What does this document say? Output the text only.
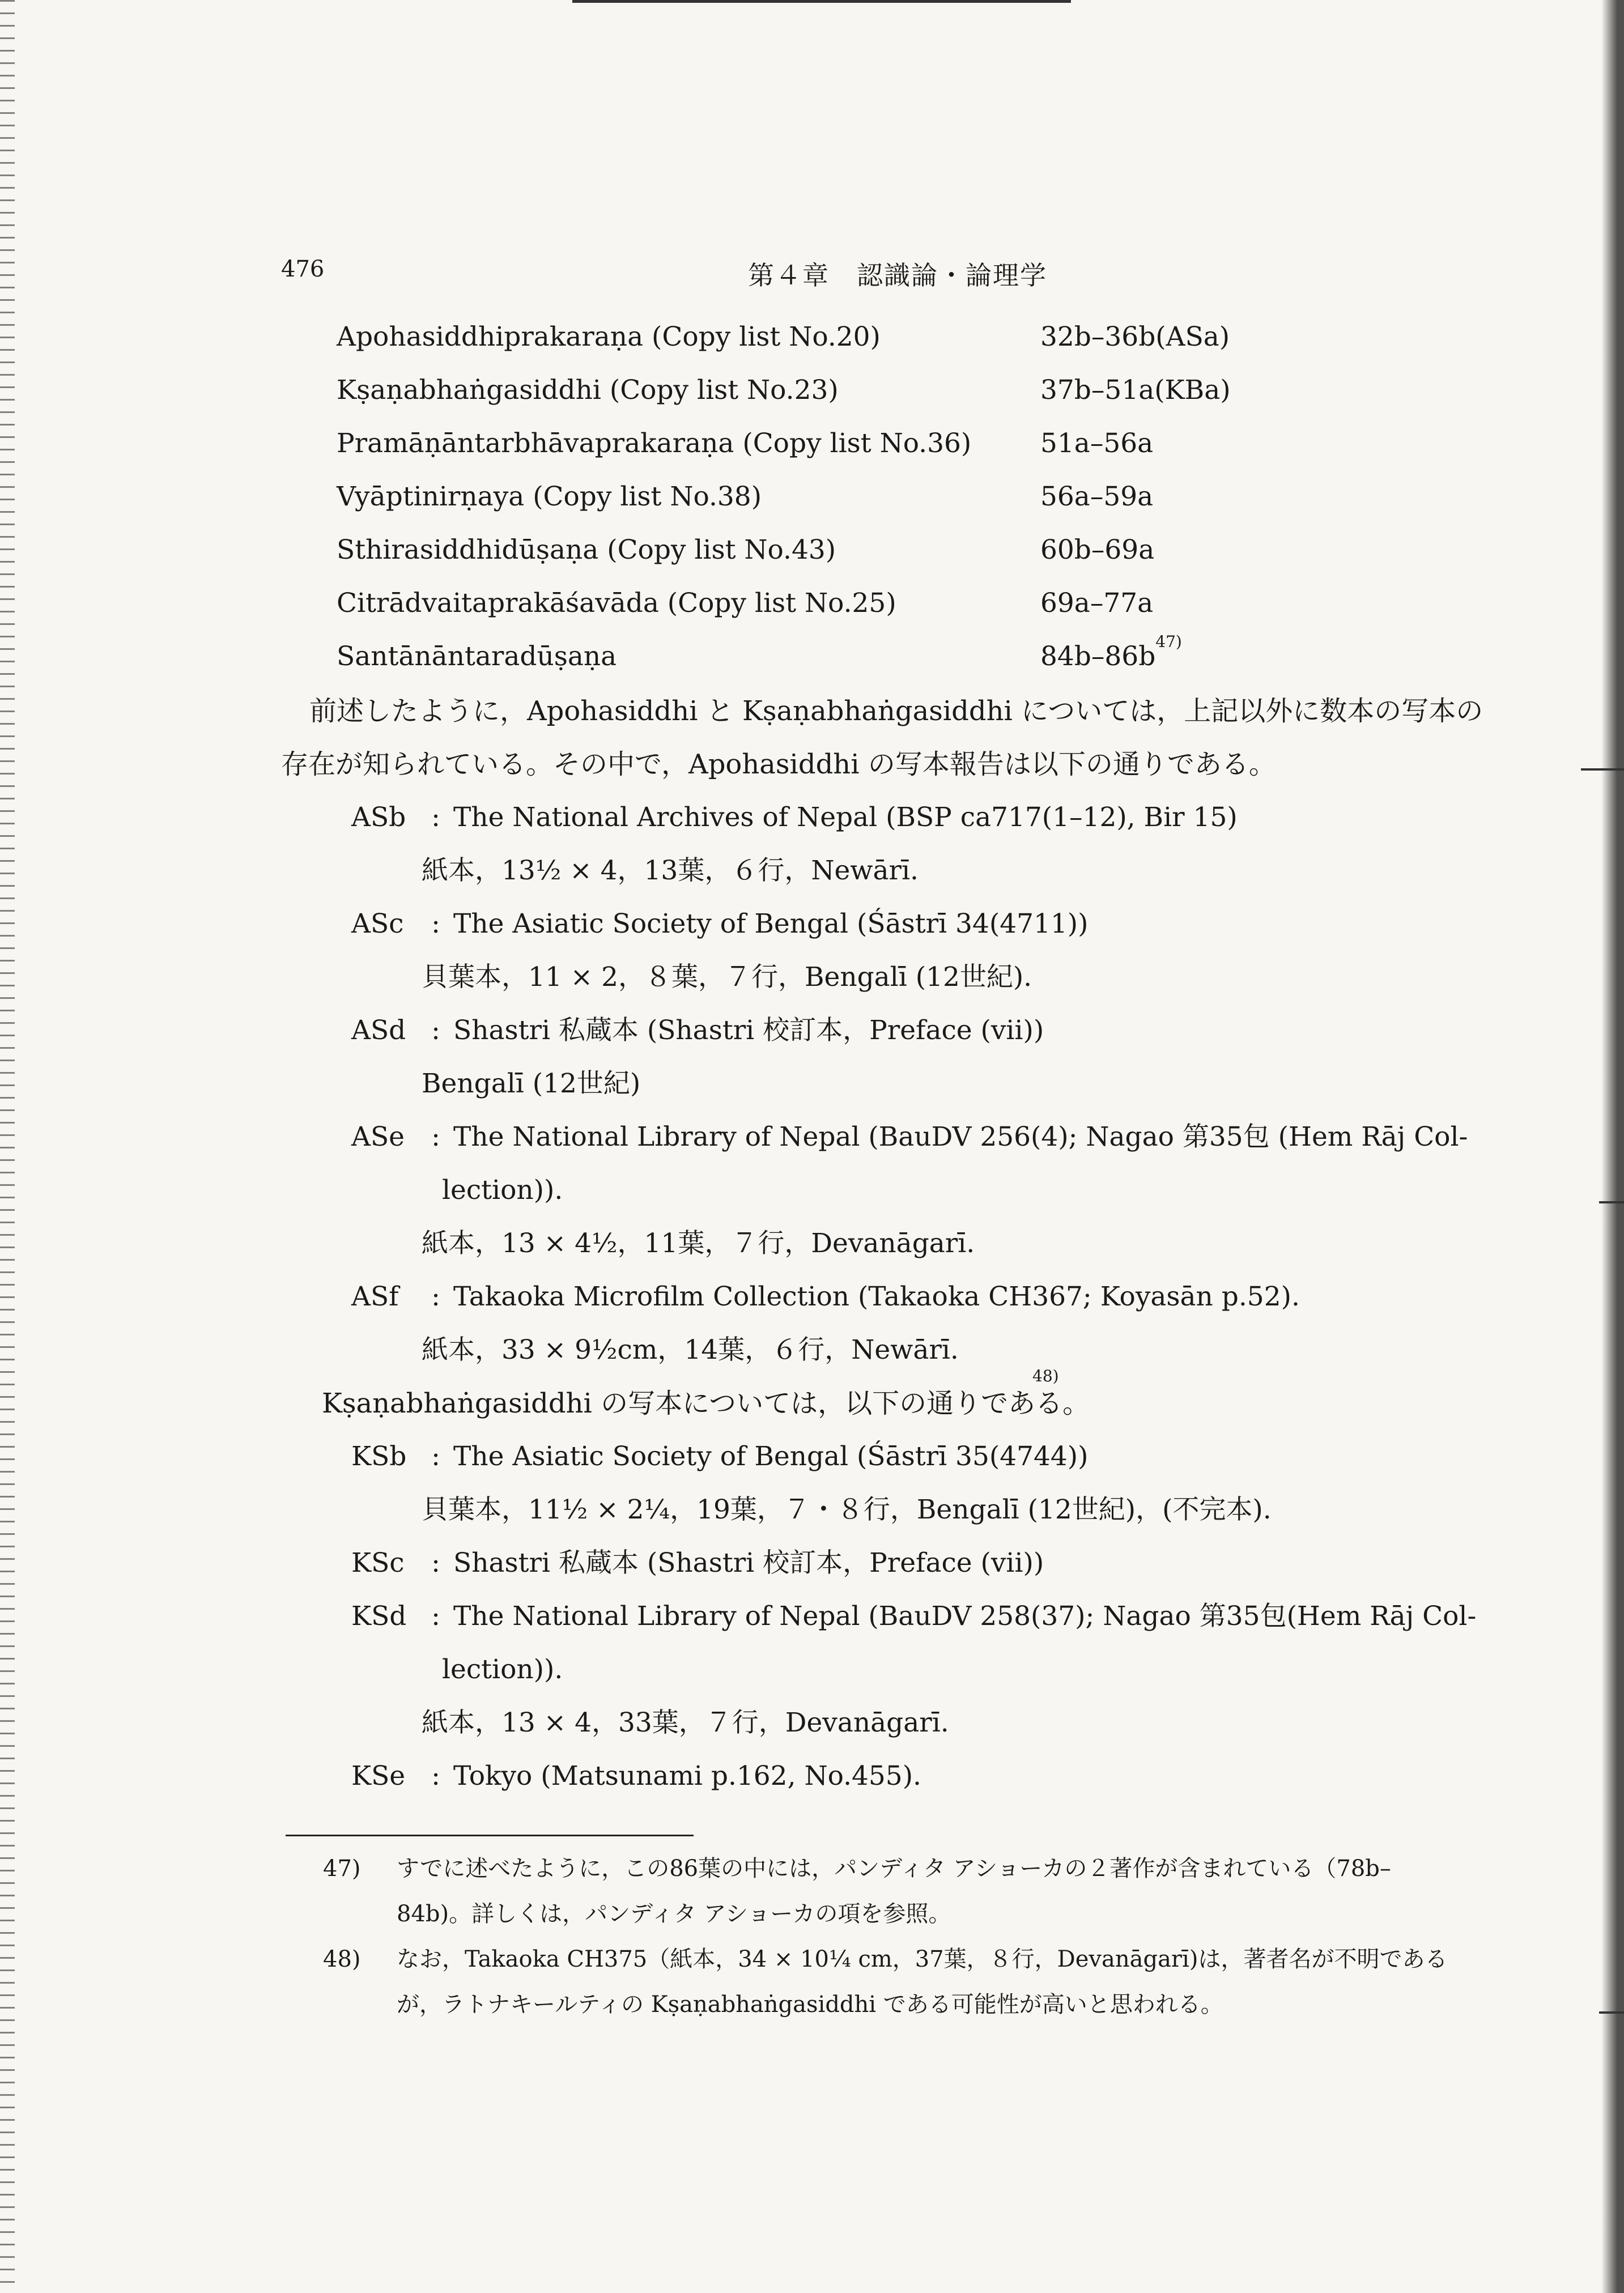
476	第４章　認識論・論理学
Apohasiddhiprakaraṇa (Copy list No.20)	32b–36b(ASa)
Kṣaṇabhaṅgasiddhi (Copy list No.23)	37b–51a(KBa)
Pramāṇāntarbhāvaprakaraṇa (Copy list No.36)	51a–56a
Vyāptinirṇaya (Copy list No.38)	56a–59a
Sthirasiddhidūṣaṇa (Copy list No.43)	60b–69a
Citrādvaitaprakāśavāda (Copy list No.25)	69a–77a
Santānāntaradūṣaṇa	$84b-86b^{47)}$
前述したように，Apohasiddhi と Kṣaṇabhaṅgasiddhi については，上記以外に数本の写本の
存在が知られている。その中で，Apohasiddhi の写本報告は以下の通りである。
ASb : The National Archives of Nepal (BSP ca717(1–12), Bir 15)
紙本，13½ × 4，13葉，６行，Newārī.
ASc : The Asiatic Society of Bengal (Śāstrī 34(4711))
貝葉本，11 × 2，８葉，７行，Bengalī (12世紀).
ASd : Shastri 私蔵本 (Shastri 校訂本，Preface (vii))
Bengalī (12世紀)
ASe : The National Library of Nepal (BauDV 256(4); Nagao 第35包 (Hem Rāj Col-
lection)).
紙本，13 × 4½，11葉，７行，Devanāgarī.
ASf : Takaoka Microfilm Collection (Takaoka CH367; Koyasān p.52).
紙本，33 × 9½cm，14葉，６行，Newārī.
Kṣaṇabhaṅgasiddhi の写本については，以下の通りである。
48)
KSb : The Asiatic Society of Bengal (Śāstrī 35(4744))
貝葉本，11½ × 2¼，19葉，７・８行，Bengalī (12世紀)，(不完本).
KSc : Shastri 私蔵本 (Shastri 校訂本，Preface (vii))
KSd : The National Library of Nepal (BauDV 258(37); Nagao 第35包(Hem Rāj Col-
lection)).
紙本，13 × 4，33葉，７行，Devanāgarī.
KSe : Tokyo (Matsunami p.162, No.455).
47) すでに述べたように，この86葉の中には，パンディタ アショーカの２著作が含まれている（78b–
84b)。詳しくは，パンディタ アショーカの項を参照。
48) なお，Takaoka CH375（紙本，34 × 10¼ cm，37葉，８行，Devanāgarī)は，著者名が不明である
が，ラトナキールティの Kṣaṇabhaṅgasiddhi である可能性が高いと思われる。
